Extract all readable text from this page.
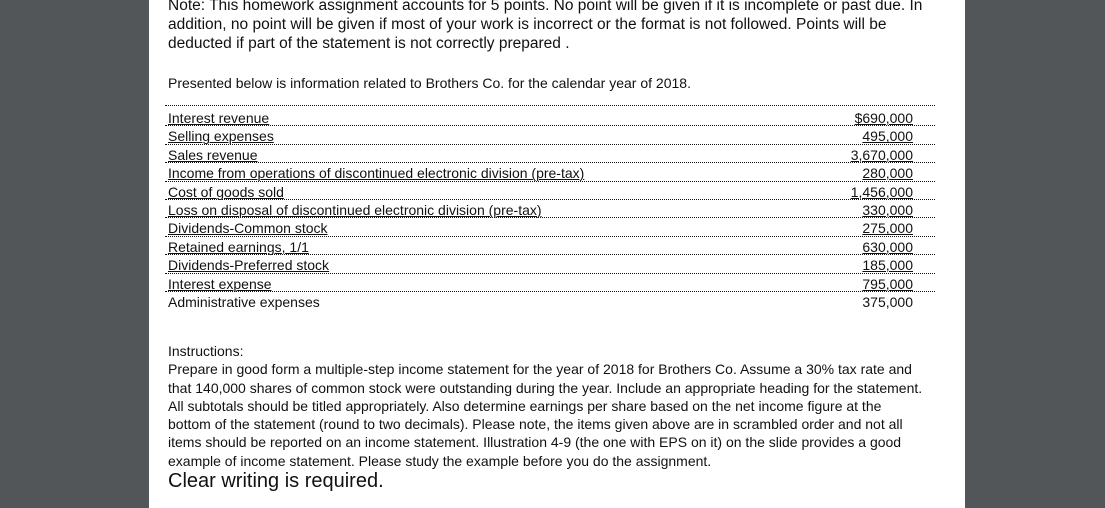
Note: This homework assignment accounts for 5 points. No point will be given if it is incomplete or past due. In addition, no point will be given if most of your work is incorrect or the format is not followed. Points will be deducted if part of the statement is not correctly prepared .
Presented below is information related to Brothers Co. for the calendar year of 2018.
Interest revenue	$690,000
Selling expenses	495,000
Sales revenue	3,670,000
Income from operations of discontinued electronic division (pre-tax)	280,000
Cost of goods sold	1,456,000
Loss on disposal of discontinued electronic division (pre-tax)	330,000
Dividends-Common stock	275,000
Retained earnings, 1/1	630,000
Dividends-Preferred stock	185,000
Interest expense	795,000
Administrative expenses	375,000
Instructions:
Prepare in good form a multiple-step income statement for the year of 2018 for Brothers Co. Assume a 30% tax rate and that 140,000 shares of common stock were outstanding during the year. Include an appropriate heading for the statement. All subtotals should be titled appropriately. Also determine earnings per share based on the net income figure at the bottom of the statement (round to two decimals). Please note, the items given above are in scrambled order and not all items should be reported on an income statement. Illustration 4-9 (the one with EPS on it) on the slide provides a good example of income statement. Please study the example before you do the assignment.
Clear writing is required.
